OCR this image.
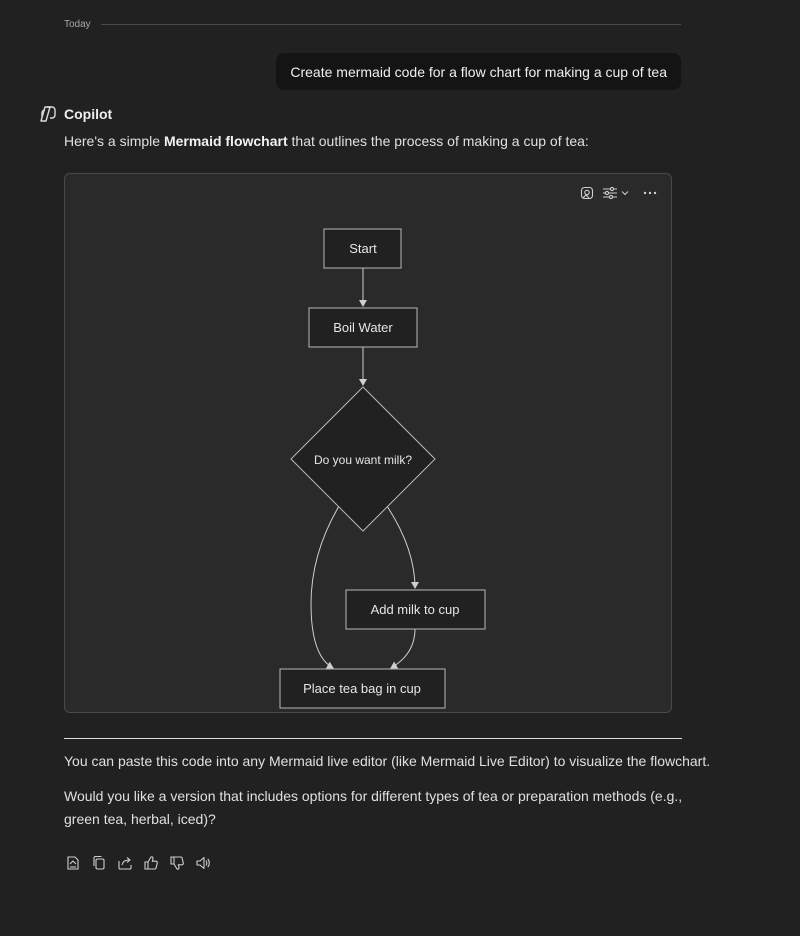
Today
Create mermaid code for a flow chart for making a cup of tea
Copilot
Here's a simple Mermaid flowchart that outlines the process of making a cup of tea:
Start
Boil Water
Do you want milk?
Add milk to cup
Place tea bag in cup
You can paste this code into any Mermaid live editor (like Mermaid Live Editor) to visualize the flowchart.
Would you like a version that includes options for different types of tea or preparation methods (e.g., green tea, herbal, iced)?
